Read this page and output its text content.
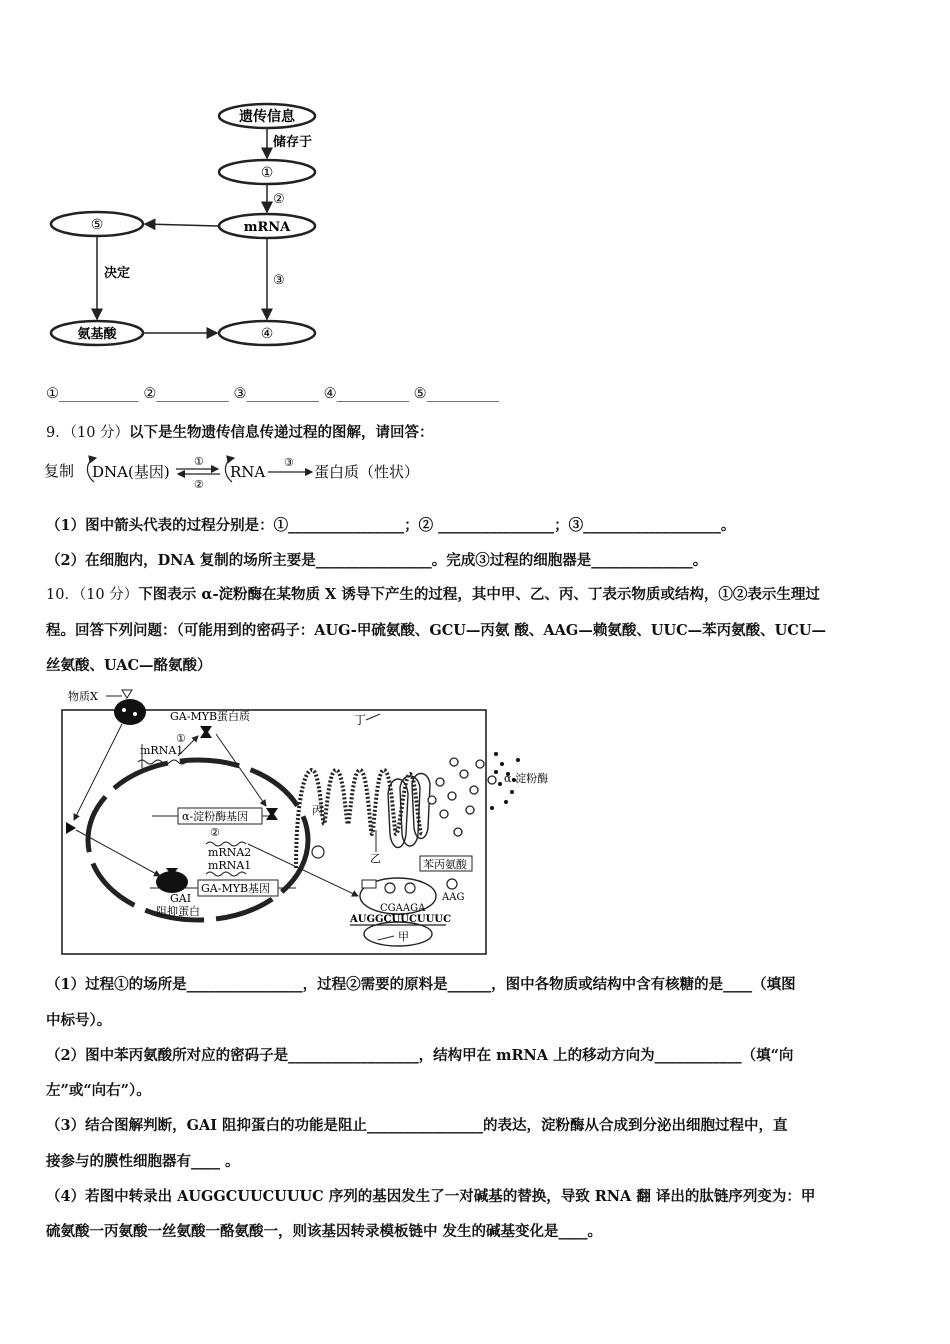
遗传信息
储存于
①
②
mRNA
⑤
决定	③
氨基酸	④
①___________ ②__________ ③__________ ④__________ ⑤__________
9．（10 分）以下是生物遗传信息传递过程的图解，请回答：
复制 DNA(基因)
①
②
RNA
③
蛋白质（性状）
（1）图中箭头代表的过程分别是：①________________；② ________________；③___________________。
（2）在细胞内，DNA 复制的场所主要是________________。完成③过程的细胞器是______________。
10．（10 分）下图表示 α-淀粉酶在某物质 X 诱导下产生的过程，其中甲、乙、丙、丁表示物质或结构，①②表示生理过
程。回答下列问题：（可能用到的密码子：AUG-甲硫氨酸、GCU—丙氨 酸、AAG—赖氨酸、UUC—苯丙氨酸、UCU—
丝氨酸、UAC—酪氨酸）
物质X
GA-MYB蛋白质	丁
①
mRNA1
α-淀粉酶基因
②
mRNA2
mRNA1
GA-MYB基因
GAI
阻抑蛋白
丙
乙
α-淀粉酶
苯丙氨酸
CGAAGA
AAG
AUGGCUUCUUUC
甲
（1）过程①的场所是________________，过程②需要的原料是______，图中各物质或结构中含有核糖的是____（填图
中标号）。
（2）图中苯丙氨酸所对应的密码子是__________________，结构甲在 mRNA 上的移动方向为____________（填“向
左”或“向右”）。
（3）结合图解判断，GAI 阻抑蛋白的功能是阻止________________的表达，淀粉酶从合成到分泌出细胞过程中，直
接参与的膜性细胞器有____ 。
（4）若图中转录出 AUGGCUUCUUUC 序列的基因发生了一对碱基的替换，导致 RNA 翻 译出的肽链序列变为：甲
硫氨酸一丙氨酸一丝氨酸一酪氨酸一，则该基因转录模板链中 发生的碱基变化是____。
